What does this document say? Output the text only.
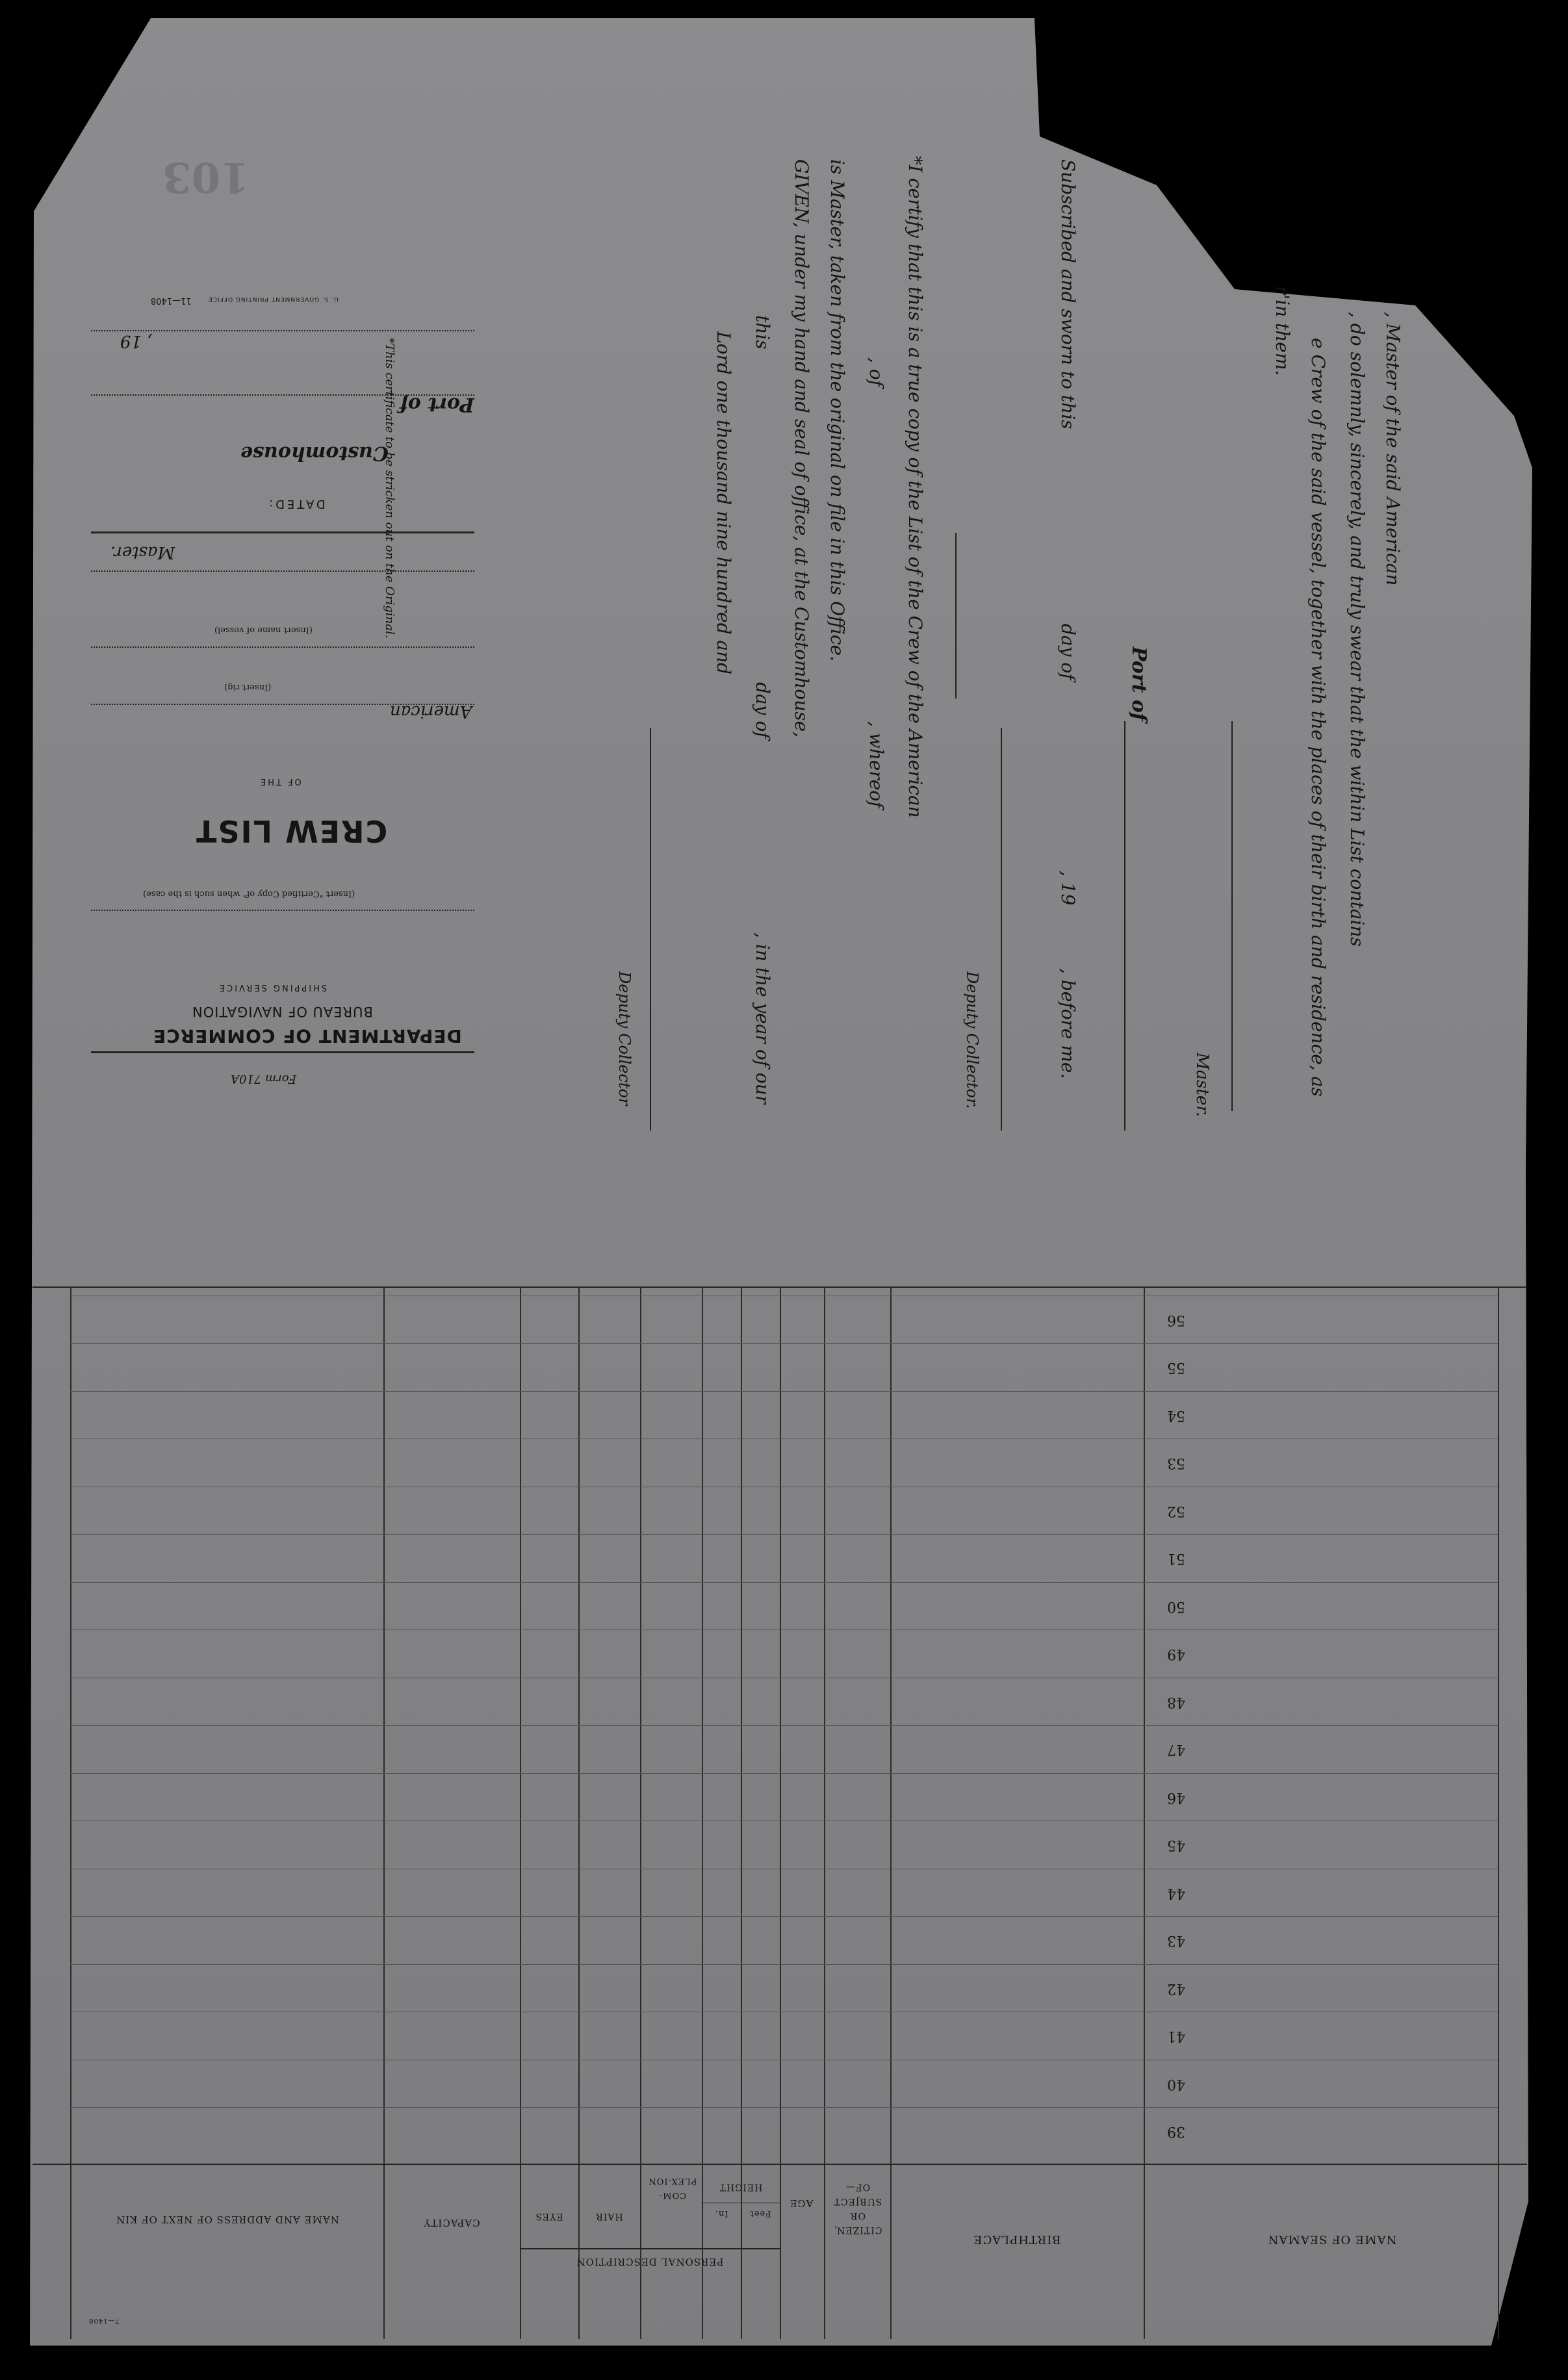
103
11—1408	U. S. GOVERNMENT PRINTING OFFICE
, 19
Port of
Customhouse
DATED:
Master.
(Insert name of vessel)
(Insert rig)
American
OF THE
CREW LIST
(Insert "Certified Copy of" when such is the case)
SHIPPING SERVICE
BUREAU OF NAVIGATION
DEPARTMENT OF COMMERCE
Form 710A
*This certificate to be stricken out on the Original.	, Master of the said American
, do solemnly, sincerely, and truly swear that the within List contains
e Crew of the said vessel, together with the places of their birth and residence, as
r'in them.
Master.
Port of
Subscribed and sworn to this
day of
, 19
, before me.
Deputy Collector.
*I certify that this is a true copy of the List of the Crew of the American
, of
, whereof
is Master, taken from the original on file in this Office.
GIVEN, under my hand and seal of office, at the Customhouse,
this
day of
, in the year of our
Lord one thousand nine hundred and
Deputy Collector
NAME OF SEAMAN
BIRTHPLACE
CITIZEN, OR SUBJECT OF—
AGE
PERSONAL DESCRIPTION
HEIGHT
Feet
In.
COM-PLEX-ION
HAIR
EYES
CAPACITY
NAME AND ADDRESS OF NEXT OF KIN
7—1408
39
40
41
42
43
44
45
46
47
48
49
50
51
52
53
54
55
56
